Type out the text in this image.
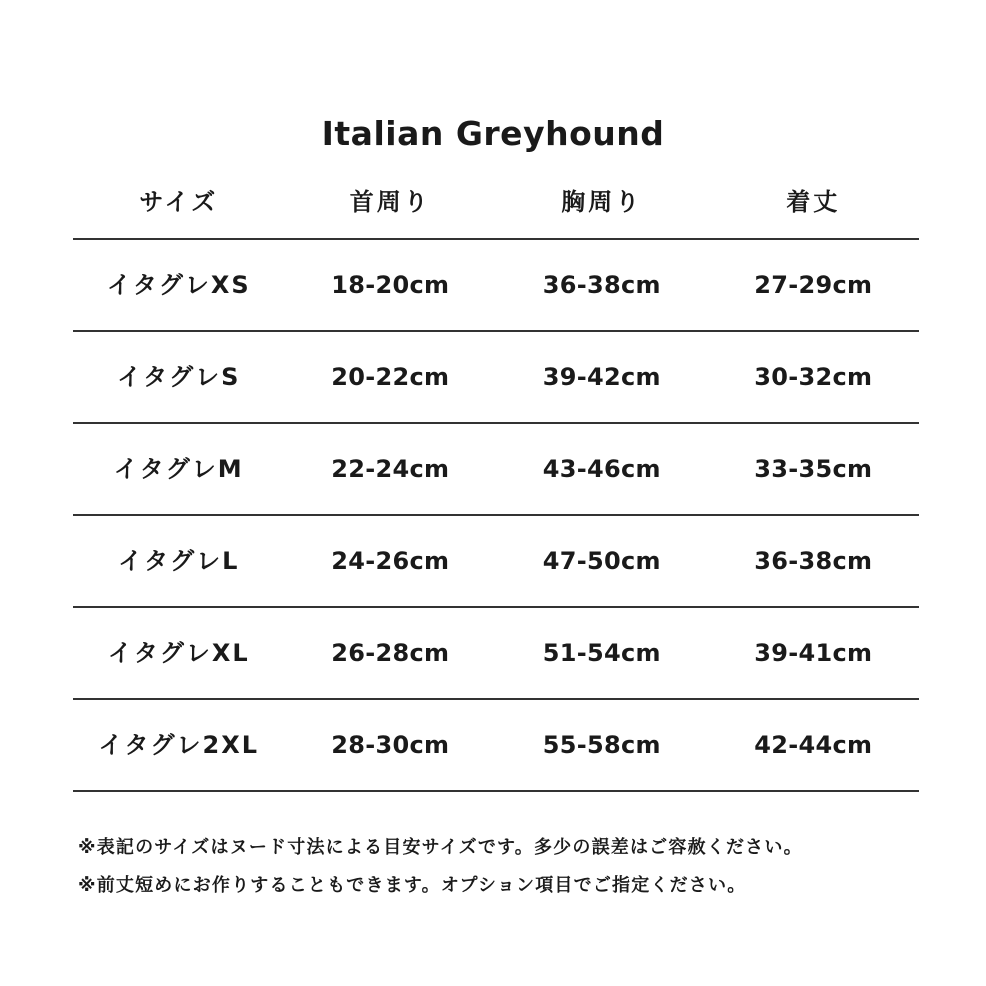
Italian Greyhound
サイズ	首周り	胸周り	着丈
イタグレXS	18-20cm	36-38cm	27-29cm
イタグレS	20-22cm	39-42cm	30-32cm
イタグレM	22-24cm	43-46cm	33-35cm
イタグレL	24-26cm	47-50cm	36-38cm
イタグレXL	26-28cm	51-54cm	39-41cm
イタグレ2XL	28-30cm	55-58cm	42-44cm
※表記のサイズはヌード寸法による目安サイズです。多少の誤差はご容赦ください。
※前丈短めにお作りすることもできます。オプション項目でご指定ください。
